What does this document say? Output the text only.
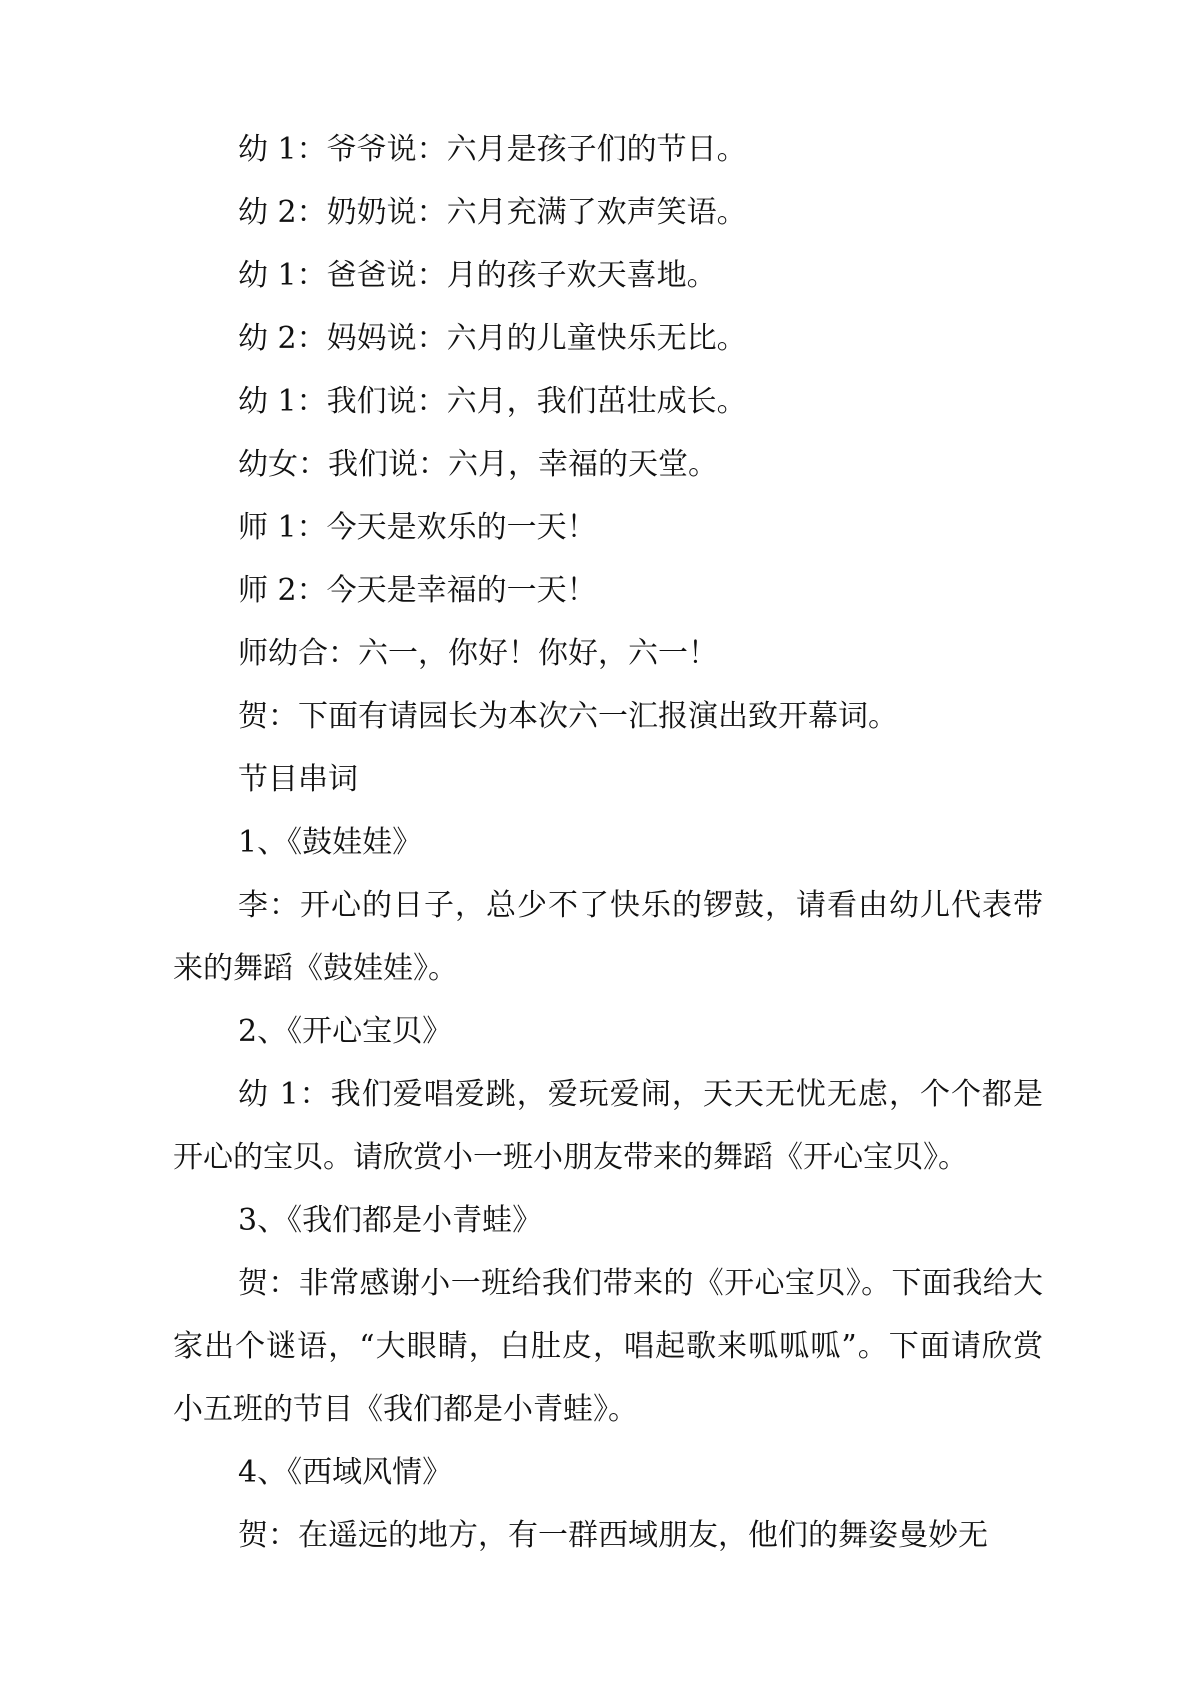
幼 1：爷爷说：六月是孩子们的节日。
幼 2：奶奶说：六月充满了欢声笑语。
幼 1：爸爸说：月的孩子欢天喜地。
幼 2：妈妈说：六月的儿童快乐无比。
幼 1：我们说：六月，我们茁壮成长。
幼女：我们说：六月，幸福的天堂。
师 1：今天是欢乐的一天！
师 2：今天是幸福的一天！
师幼合：六一，你好！你好，六一！
贺：下面有请园长为本次六一汇报演出致开幕词。
节目串词
1、《鼓娃娃》
李：开心的日子，总少不了快乐的锣鼓，请看由幼儿代表带来的舞蹈《鼓娃娃》。
2、《开心宝贝》
幼 1：我们爱唱爱跳，爱玩爱闹，天天无忧无虑，个个都是开心的宝贝。请欣赏小一班小朋友带来的舞蹈《开心宝贝》。
3、《我们都是小青蛙》
贺：非常感谢小一班给我们带来的《开心宝贝》。下面我给大家出个谜语，“大眼睛，白肚皮，唱起歌来呱呱呱”。下面请欣赏小五班的节目《我们都是小青蛙》。
4、《西域风情》
贺：在遥远的地方，有一群西域朋友，他们的舞姿曼妙无
